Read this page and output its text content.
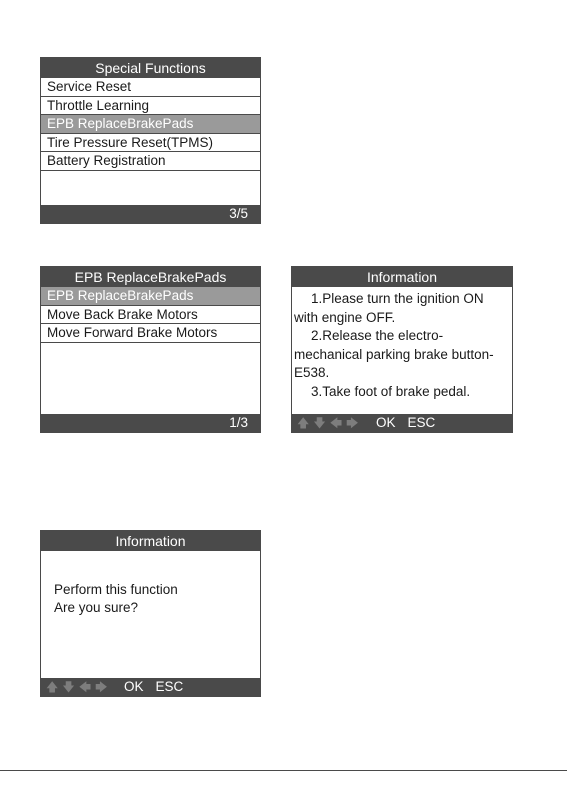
Special Functions
Service Reset
Throttle Learning
EPB ReplaceBrakePads
Tire Pressure Reset(TPMS)
Battery Registration
3/5
EPB ReplaceBrakePads
EPB ReplaceBrakePads
Move Back Brake Motors
Move Forward Brake Motors
1/3
Information
1.Please turn the ignition ON
with engine OFF.
2.Release the electro-
mechanical parking brake button-
E538.
3.Take foot of brake pedal.
🡅 🡇 🡄 🡆 OK ESC
Information
Perform this function
Are you sure?
🡅 🡇 🡄 🡆 OK ESC
